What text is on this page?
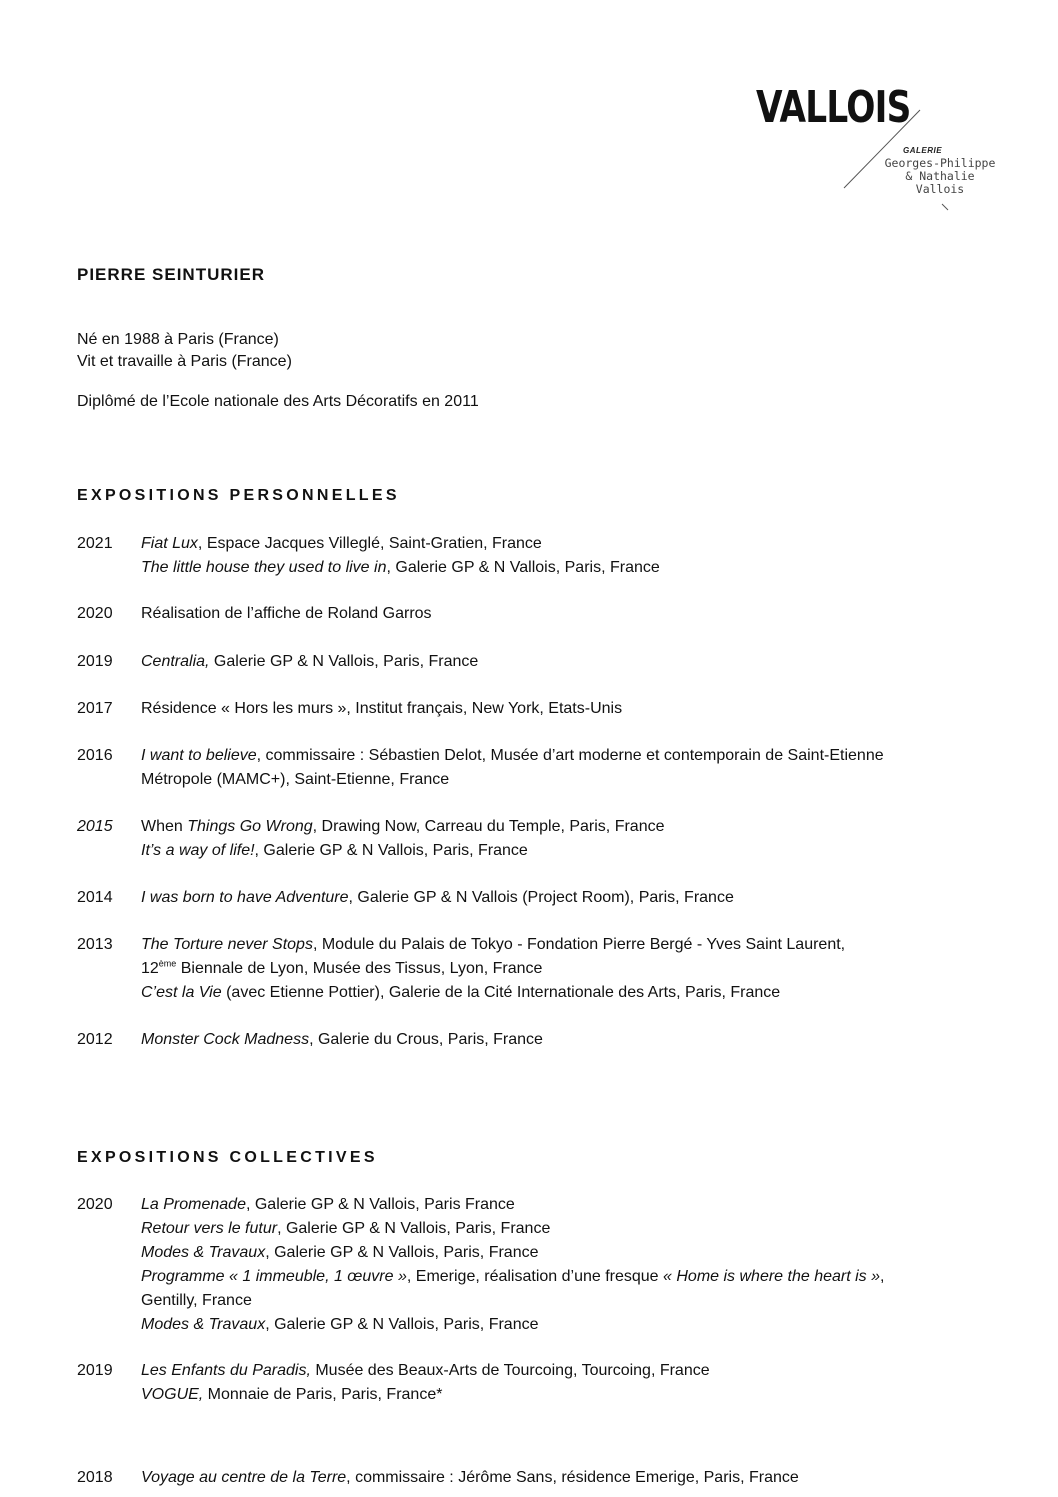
VALLOIS
GALERIE
Georges-Philippe
& Nathalie
Vallois
PIERRE SEINTURIER
Né en 1988 à Paris (France)
Vit et travaille à Paris (France)
Diplômé de l’Ecole nationale des Arts Décoratifs en 2011
EXPOSITIONS PERSONNELLES
2021	Fiat Lux, Espace Jacques Villeglé, Saint-Gratien, France
The little house they used to live in, Galerie GP & N Vallois, Paris, France
2020	Réalisation de l’affiche de Roland Garros
2019	Centralia, Galerie GP & N Vallois, Paris, France
2017	Résidence « Hors les murs », Institut français, New York, Etats-Unis
2016	I want to believe, commissaire : Sébastien Delot, Musée d’art moderne et contemporain de Saint-Etienne
Métropole (MAMC+), Saint-Etienne, France
2015	When Things Go Wrong, Drawing Now, Carreau du Temple, Paris, France
It’s a way of life!, Galerie GP & N Vallois, Paris, France
2014	I was born to have Adventure, Galerie GP & N Vallois (Project Room), Paris, France
2013	The Torture never Stops, Module du Palais de Tokyo - Fondation Pierre Bergé - Yves Saint Laurent,
12ème Biennale de Lyon, Musée des Tissus, Lyon, France
C’est la Vie (avec Etienne Pottier), Galerie de la Cité Internationale des Arts, Paris, France
2012	Monster Cock Madness, Galerie du Crous, Paris, France
EXPOSITIONS COLLECTIVES
2020	La Promenade, Galerie GP & N Vallois, Paris France
Retour vers le futur, Galerie GP & N Vallois, Paris, France
Modes & Travaux, Galerie GP & N Vallois, Paris, France
Programme « 1 immeuble, 1 œuvre », Emerige, réalisation d’une fresque « Home is where the heart is »,
Gentilly, France
Modes & Travaux, Galerie GP & N Vallois, Paris, France
2019	Les Enfants du Paradis, Musée des Beaux-Arts de Tourcoing, Tourcoing, France
VOGUE, Monnaie de Paris, Paris, France*
2018	Voyage au centre de la Terre, commissaire : Jérôme Sans, résidence Emerige, Paris, France
